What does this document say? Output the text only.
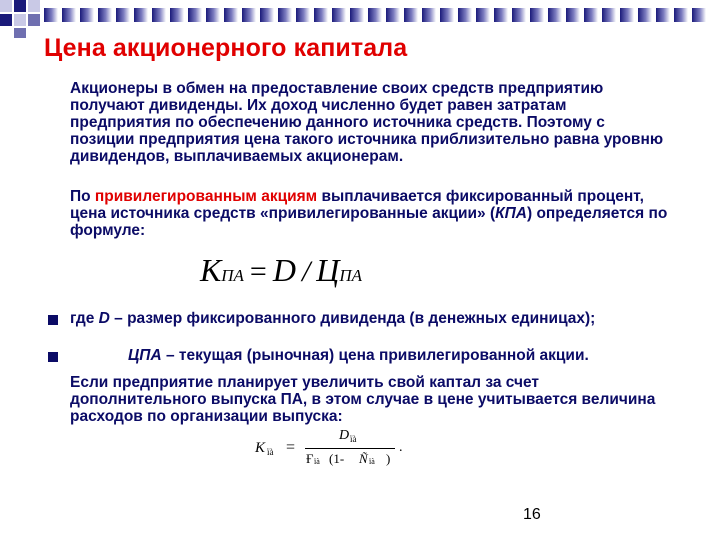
Цена акционерного капитала

Акционеры в обмен на предоставление своих средств предприятию получают дивиденды. Их доход численно будет равен затратам предприятия по обеспечению данного источника средств. Поэтому с позиции предприятия цена такого источника приблизительно равна уровню дивидендов, выплачиваемых акционерам.

По привилегированным акциям выплачивается фиксированный процент, цена источника средств «привилегированные акции» (КПА) определяется по формуле:

КПА = D / ЦПА

где D – размер фиксированного дивиденда (в денежных единицах);

ЦПА – текущая (рыночная) цена привилегированной акции.

Если предприятие планирует увеличить свой каптал за счет дополнительного выпуска ПА, в этом случае в цене учитывается величина расходов по организации выпуска:

K ïà =
D ïà
Ғ ïà (1- Ñ ïà )
.
16
